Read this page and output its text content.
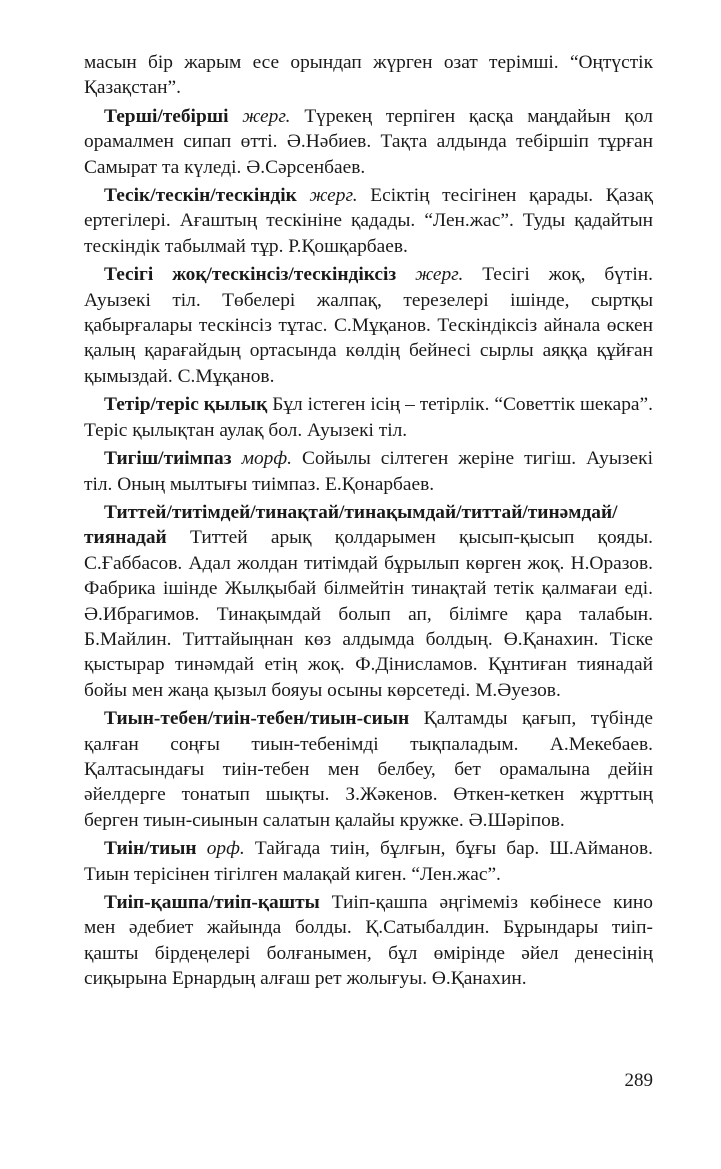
масын бір жарым есе орындап жүрген озат терімші. “Оңтүстік Қазақстан”.

Терші/тебірші жерг. Түрекең терпіген қасқа маңдайын қол орамалмен сипап өтті. Ә.Нәбиев. Тақта алдында тебіршіп тұрған Самырат та күледі. Ә.Сәрсенбаев.

Тесік/тескін/тескіндік жерг. Есіктің тесігінен қарады. Қазақ ертегілері. Ағаштың тескініне қадады. “Лен.жас”. Туды қадайтын тескіндік табылмай тұр. Р.Қошқарбаев.

Тесігі жоқ/тескінсіз/тескіндіксіз жерг. Тесігі жоқ, бүтін. Ауызекі тіл. Төбелері жалпақ, терезелері ішінде, сыртқы қабырғалары тескінсіз тұтас. С.Мұқанов. Тескіндіксіз айнала өскен қалың қарағайдың ортасында көлдің бейнесі сырлы аяққа құйған қымыздай. С.Мұқанов.

Тетір/теріс қылық Бұл істеген ісің – тетірлік. “Советтік шекара”. Теріс қылықтан аулақ бол. Ауызекі тіл.

Тигіш/тиімпаз морф. Сойылы сілтеген жеріне тигіш. Ауызекі тіл. Оның мылтығы тиімпаз. Е.Қонарбаев.

Титтей/титімдей/тинақтай/тинақымдай/титтай/тинәмдай/тиянадай Титтей арық қолдарымен қысып-қысып қояды. С.Ғаббасов. Адал жолдан титімдай бұрылып көрген жоқ. Н.Оразов. Фабрика ішінде Жылқыбай білмейтін тинақтай тетік қалмағаи еді. Ә.Ибрагимов. Тинақымдай болып ап, білімге қара талабын. Б.Майлин. Титтайыңнан көз алдымда болдың. Ө.Қанахин. Тіске қыстырар тинәмдай етің жоқ. Ф.Дінисламов. Құнтиған тиянадай бойы мен жаңа қызыл бояуы осыны көрсетеді. М.Әуезов.

Тиын-тебен/тиін-тебен/тиын-сиын Қалтамды қағып, түбінде қалған соңғы тиын-тебенімді тықпаладым. А.Мекебаев. Қалтасындағы тиін-тебен мен белбеу, бет орамалына дейін әйелдерге тонатып шықты. З.Жәкенов. Өткен-кеткен жұрттың берген тиын-сиынын салатын қалайы кружке. Ә.Шәріпов.

Тиін/тиын орф. Тайгада тиін, бұлғын, бұғы бар. Ш.Айманов. Тиын терісінен тігілген малақай киген. “Лен.жас”.

Тиіп-қашпа/тиіп-қашты Тиіп-қашпа әңгімеміз көбінесе кино мен әдебиет жайында болды. Қ.Сатыбалдин. Бұрындары тиіп-қашты бірдеңелері болғанымен, бұл өмірінде әйел денесінің сиқырына Ернардың алғаш рет жолығуы. Ө.Қанахин.

289
